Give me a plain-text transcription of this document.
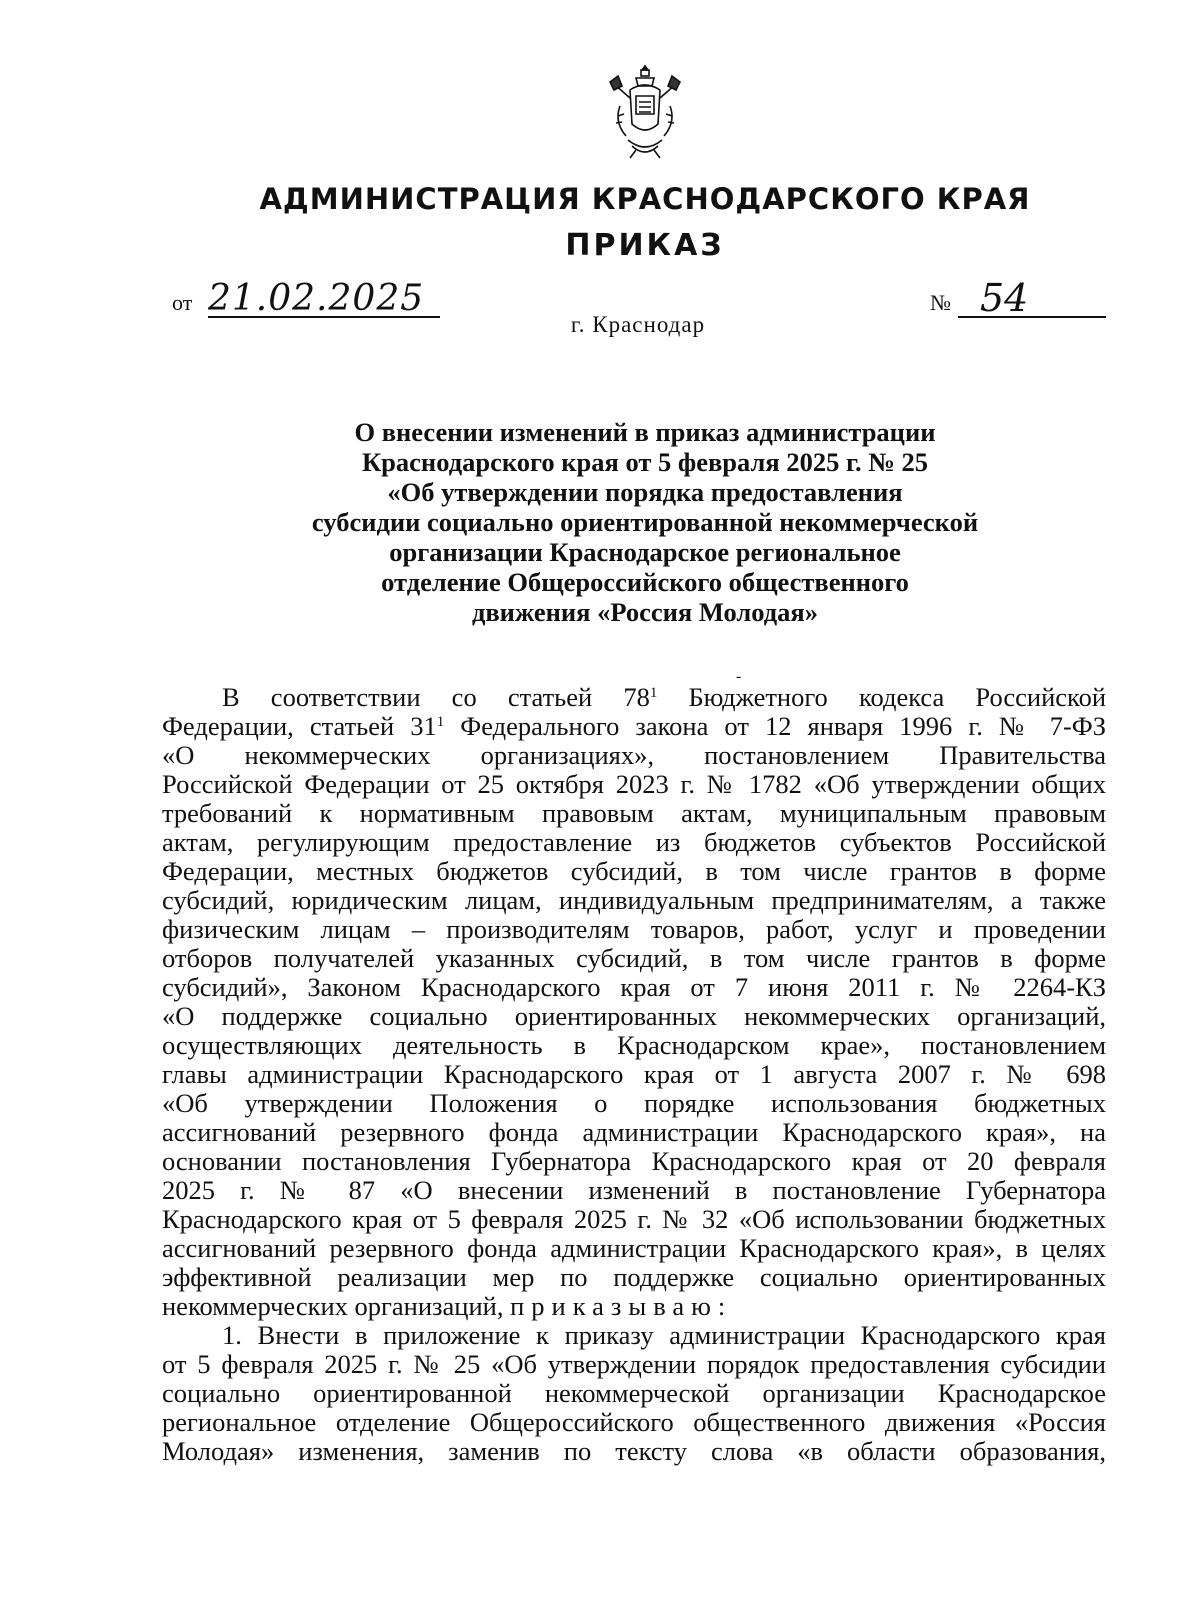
АДМИНИСТРАЦИЯ КРАСНОДАРСКОГО КРАЯ
ПРИКАЗ
от 21.02.2025	№ 54
г. Краснодар
О внесении изменений в приказ администрации
Краснодарского края от 5 февраля 2025 г. № 25
«Об утверждении порядка предоставления
субсидии социально ориентированной некоммерческой
организации Краснодарское региональное
отделение Общероссийского общественного
движения «Россия Молодая»
-
В соответствии со статьей $78^1$ Бюджетного кодекса Российской
Федерации, статьей $31^1$ Федерального закона от 12 января 1996 г. № 7-ФЗ
«О некоммерческих организациях», постановлением Правительства
Российской Федерации от 25 октября 2023 г. № 1782 «Об утверждении общих
требований к нормативным правовым актам, муниципальным правовым
актам, регулирующим предоставление из бюджетов субъектов Российской
Федерации, местных бюджетов субсидий, в том числе грантов в форме
субсидий, юридическим лицам, индивидуальным предпринимателям, а также
физическим лицам – производителям товаров, работ, услуг и проведении
отборов получателей указанных субсидий, в том числе грантов в форме
субсидий», Законом Краснодарского края от 7 июня 2011 г. № 2264-КЗ
«О поддержке социально ориентированных некоммерческих организаций,
осуществляющих деятельность в Краснодарском крае», постановлением
главы администрации Краснодарского края от 1 августа 2007 г. № 698
«Об утверждении Положения о порядке использования бюджетных
ассигнований резервного фонда администрации Краснодарского края», на
основании постановления Губернатора Краснодарского края от 20 февраля
2025 г. № 87 «О внесении изменений в постановление Губернатора
Краснодарского края от 5 февраля 2025 г. № 32 «Об использовании бюджетных
ассигнований резервного фонда администрации Краснодарского края», в целях
эффективной реализации мер по поддержке социально ориентированных
некоммерческих организаций, приказываю:
1. Внести в приложение к приказу администрации Краснодарского края
от 5 февраля 2025 г. № 25 «Об утверждении порядок предоставления субсидии
социально ориентированной некоммерческой организации Краснодарское
региональное отделение Общероссийского общественного движения «Россия
Молодая» изменения, заменив по тексту слова «в области образования,
